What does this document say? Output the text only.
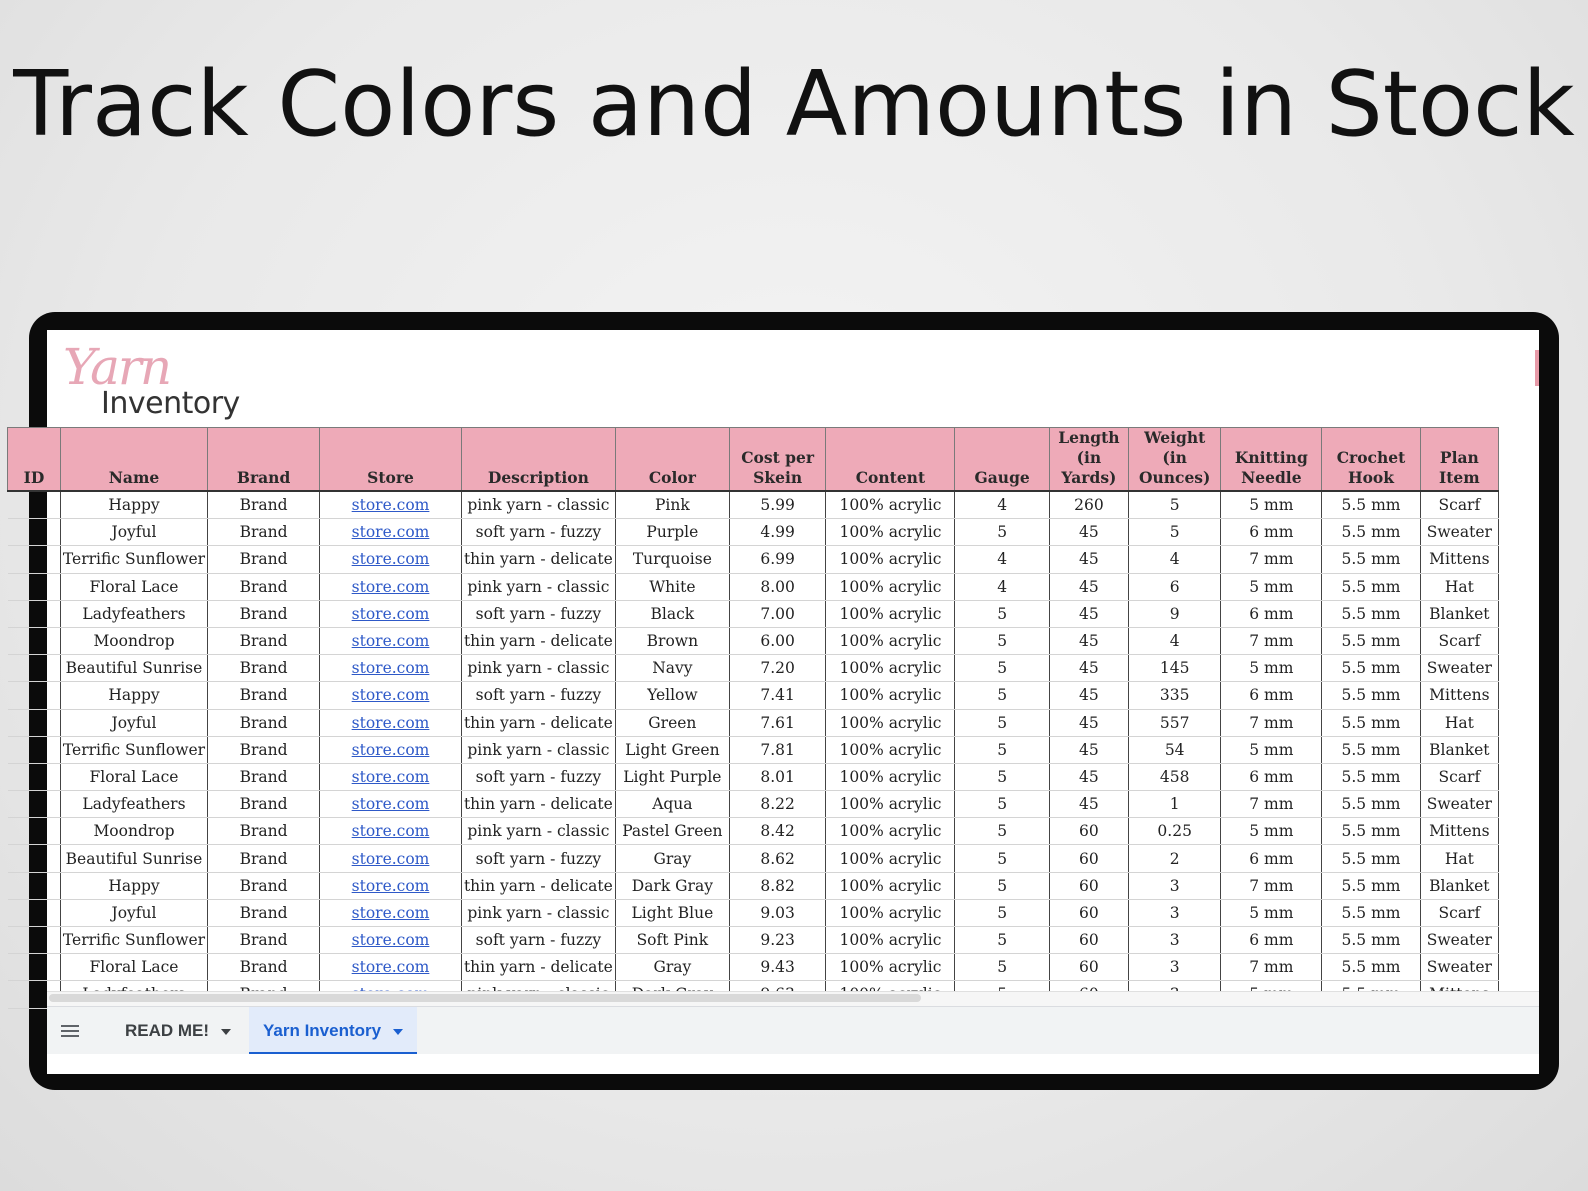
Track Colors and Amounts in Stock
Yarn
Inventory
ID	Name	Brand	Store	Description	Color	Cost per Skein	Content	Gauge	Length (in Yards)	Weight (in Ounces)	Knitting Needle	Crochet Hook	Plan Item
	Happy	Brand	store.com	pink yarn - classic	Pink	5.99	100% acrylic	4	260	5	5 mm	5.5 mm	Scarf
	Joyful	Brand	store.com	soft yarn - fuzzy	Purple	4.99	100% acrylic	5	45	5	6 mm	5.5 mm	Sweater
	Terrific Sunflower	Brand	store.com	thin yarn - delicate	Turquoise	6.99	100% acrylic	4	45	4	7 mm	5.5 mm	Mittens
	Floral Lace	Brand	store.com	pink yarn - classic	White	8.00	100% acrylic	4	45	6	5 mm	5.5 mm	Hat
	Ladyfeathers	Brand	store.com	soft yarn - fuzzy	Black	7.00	100% acrylic	5	45	9	6 mm	5.5 mm	Blanket
	Moondrop	Brand	store.com	thin yarn - delicate	Brown	6.00	100% acrylic	5	45	4	7 mm	5.5 mm	Scarf
	Beautiful Sunrise	Brand	store.com	pink yarn - classic	Navy	7.20	100% acrylic	5	45	145	5 mm	5.5 mm	Sweater
	Happy	Brand	store.com	soft yarn - fuzzy	Yellow	7.41	100% acrylic	5	45	335	6 mm	5.5 mm	Mittens
	Joyful	Brand	store.com	thin yarn - delicate	Green	7.61	100% acrylic	5	45	557	7 mm	5.5 mm	Hat
	Terrific Sunflower	Brand	store.com	pink yarn - classic	Light Green	7.81	100% acrylic	5	45	54	5 mm	5.5 mm	Blanket
	Floral Lace	Brand	store.com	soft yarn - fuzzy	Light Purple	8.01	100% acrylic	5	45	458	6 mm	5.5 mm	Scarf
	Ladyfeathers	Brand	store.com	thin yarn - delicate	Aqua	8.22	100% acrylic	5	45	1	7 mm	5.5 mm	Sweater
	Moondrop	Brand	store.com	pink yarn - classic	Pastel Green	8.42	100% acrylic	5	60	0.25	5 mm	5.5 mm	Mittens
	Beautiful Sunrise	Brand	store.com	soft yarn - fuzzy	Gray	8.62	100% acrylic	5	60	2	6 mm	5.5 mm	Hat
	Happy	Brand	store.com	thin yarn - delicate	Dark Gray	8.82	100% acrylic	5	60	3	7 mm	5.5 mm	Blanket
	Joyful	Brand	store.com	pink yarn - classic	Light Blue	9.03	100% acrylic	5	60	3	5 mm	5.5 mm	Scarf
	Terrific Sunflower	Brand	store.com	soft yarn - fuzzy	Soft Pink	9.23	100% acrylic	5	60	3	6 mm	5.5 mm	Sweater
	Floral Lace	Brand	store.com	thin yarn - delicate	Gray	9.43	100% acrylic	5	60	3	7 mm	5.5 mm	Sweater

READ ME!	Yarn Inventory
